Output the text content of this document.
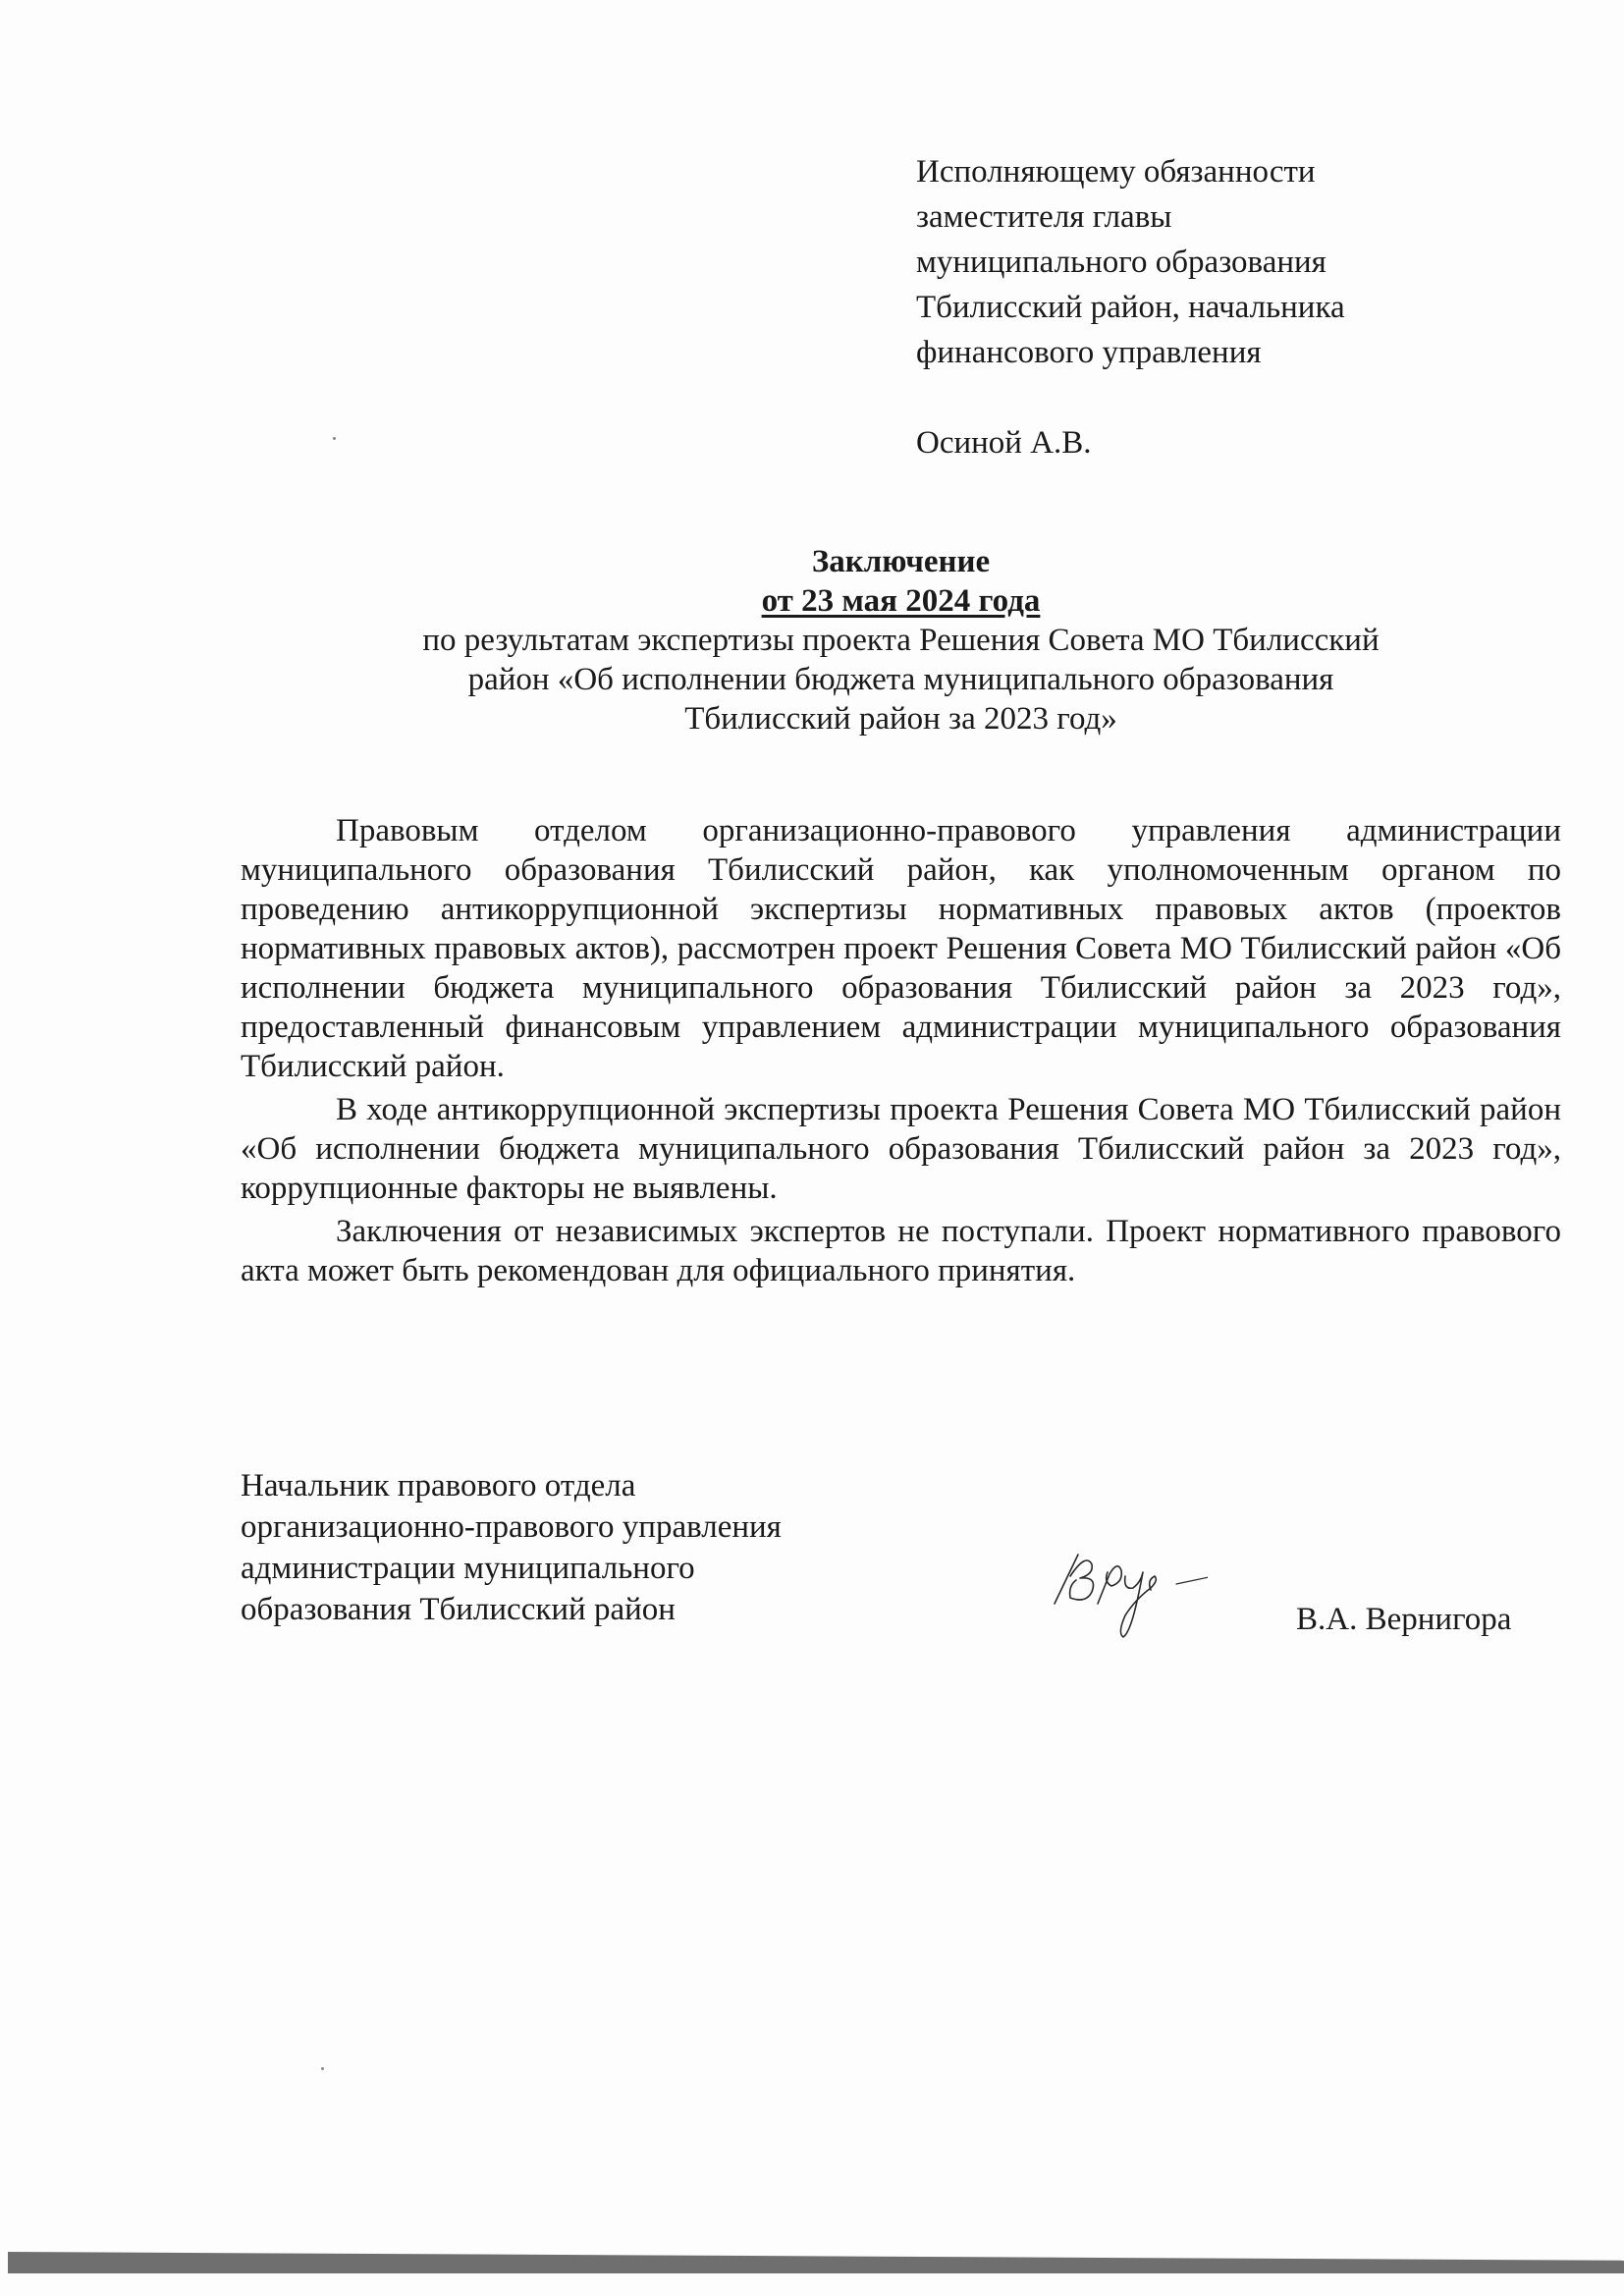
Исполняющему обязанности
заместителя главы
муниципального образования
Тбилисский район, начальника
финансового управления
Осиной А.В.
Заключение
от 23 мая 2024 года
по результатам экспертизы проекта Решения Совета МО Тбилисский
район «Об исполнении бюджета муниципального образования
Тбилисский район за 2023 год»

Правовым отделом организационно-правового управления администрации муниципального образования Тбилисский район, как уполномоченным органом по проведению антикоррупционной экспертизы нормативных правовых актов (проектов нормативных правовых актов), рассмотрен проект Решения Совета МО Тбилисский район «Об исполнении бюджета муниципального образования Тбилисский район за 2023 год», предоставленный финансовым управлением администрации муниципального образования Тбилисский район.

В ходе антикоррупционной экспертизы проекта Решения Совета МО Тбилисский район «Об исполнении бюджета муниципального образования Тбилисский район за 2023 год», коррупционные факторы не выявлены.

Заключения от независимых экспертов не поступали. Проект нормативного правового акта может быть рекомендован для официального принятия.

Начальник правового отдела
организационно-правового управления
администрации муниципального
образования Тбилисский район	В.А. Вернигора
